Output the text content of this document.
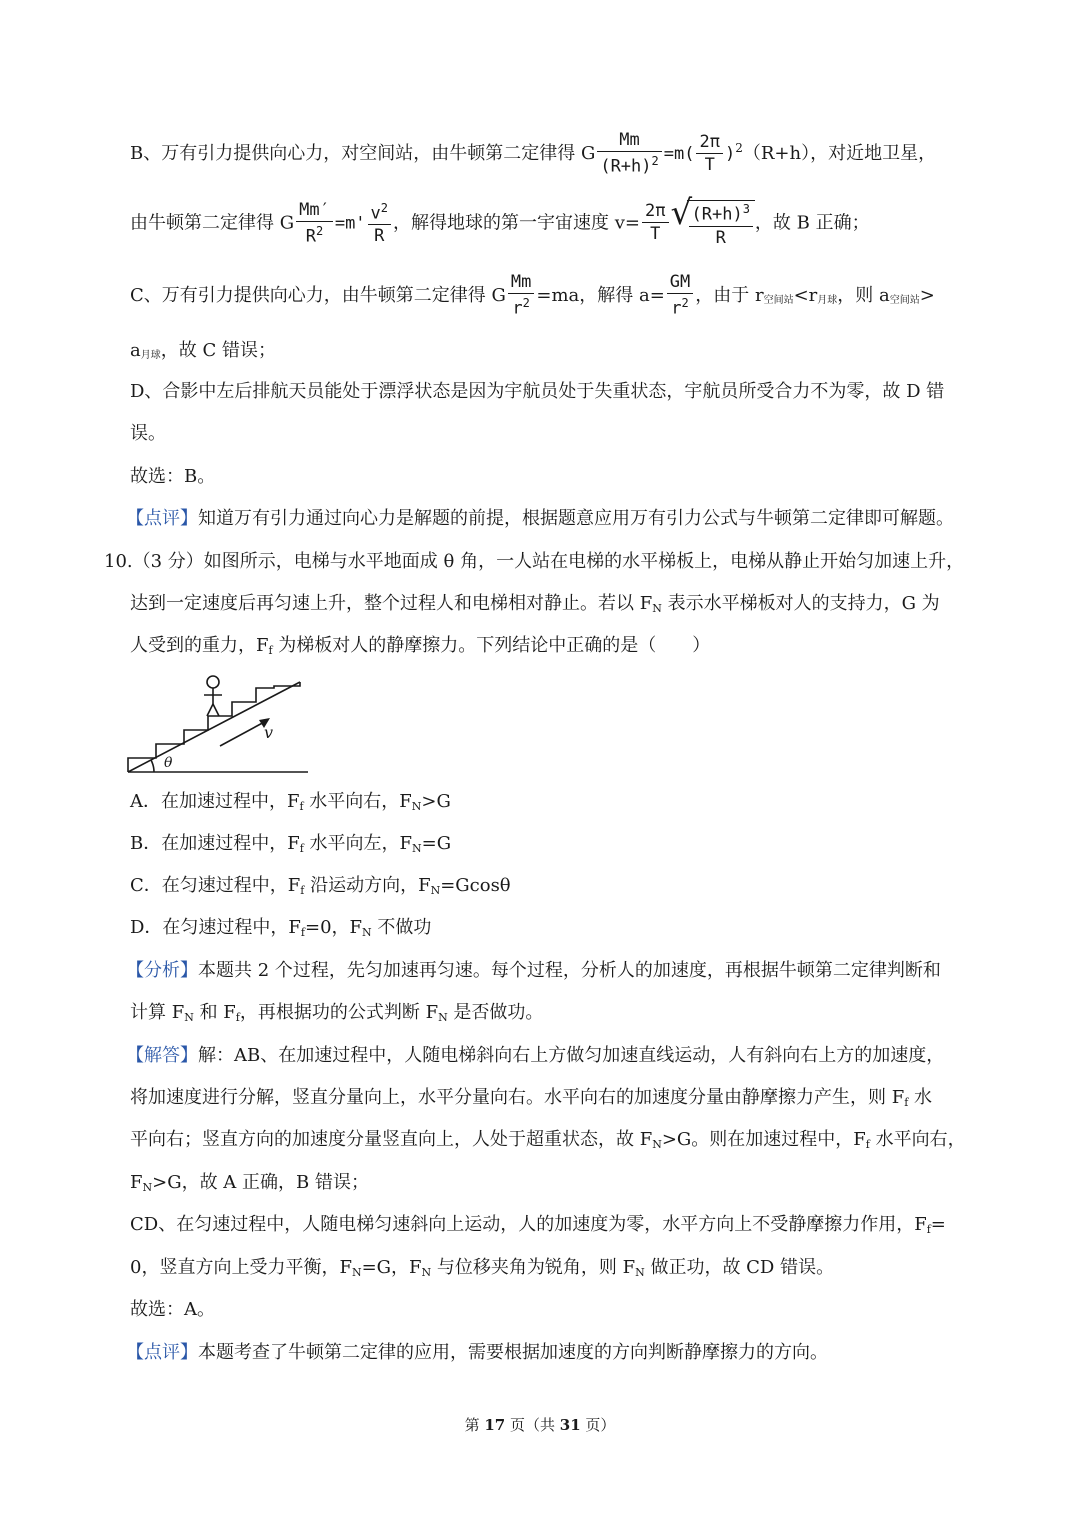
B、万有引力提供向心力，对空间站，由牛顿第二定律得 G $\frac{Mm}{(R+h)^2} =m( \frac{2\pi}{T} )^2(R+h)$，对近地卫星，
由牛顿第二定律得 G $\frac{Mm'}{R^2} =m' \frac{v^2}{R}$ ，解得地球的第一宇宙速度 $v= \frac{2\pi}{T}$ √
$\frac{(R+h)^3}{R}$ ，故 B 正确；
C、万有引力提供向心力，由牛顿第二定律得 G $\frac{Mm}{r^2} =ma$，解得 $a= \frac{GM}{r^2}$ ，由于 $r_{空间站}<r_{月球}$，则 $a_{空间站}>$
$a_{月球}$，故 C 错误；
D、合影中左后排航天员能处于漂浮状态是因为宇航员处于失重状态，宇航员所受合力不为零，故 D 错
误。
故选：B。
【点评】知道万有引力通过向心力是解题的前提，根据题意应用万有引力公式与牛顿第二定律即可解题。
10.（3 分）如图所示，电梯与水平地面成 θ 角，一人站在电梯的水平梯板上，电梯从静止开始匀加速上升，
达到一定速度后再匀速上升，整个过程人和电梯相对静止。若以 $F_N$ 表示水平梯板对人的支持力，G 为
人受到的重力，$F_f$ 为梯板对人的静摩擦力。下列结论中正确的是（　　）
v
θ
A．在加速过程中，$F_f$ 水平向右，$F_N>G$
B．在加速过程中，$F_f$ 水平向左，$F_N=G$
C．在匀速过程中，$F_f$ 沿运动方向，$F_N=Gcos\theta$
D．在匀速过程中，$F_f=0$，$F_N$ 不做功
【分析】本题共 2 个过程，先匀加速再匀速。每个过程，分析人的加速度，再根据牛顿第二定律判断和
计算 $F_N$ 和 $F_f$，再根据功的公式判断 $F_N$ 是否做功。
【解答】解：AB、在加速过程中，人随电梯斜向右上方做匀加速直线运动，人有斜向右上方的加速度，
将加速度进行分解，竖直分量向上，水平分量向右。水平向右的加速度分量由静摩擦力产生，则 $F_f$ 水
平向右；竖直方向的加速度分量竖直向上，人处于超重状态，故 $F_N>G$。则在加速过程中，$F_f$ 水平向右，
$F_N>G$，故 A 正确，B 错误；
CD、在匀速过程中，人随电梯匀速斜向上运动，人的加速度为零，水平方向上不受静摩擦力作用，$F_f=$
0，竖直方向上受力平衡，$F_N=G$，$F_N$ 与位移夹角为锐角，则 $F_N$ 做正功，故 CD 错误。
故选：A。
【点评】本题考查了牛顿第二定律的应用，需要根据加速度的方向判断静摩擦力的方向。
第 17 页（共 31 页）
